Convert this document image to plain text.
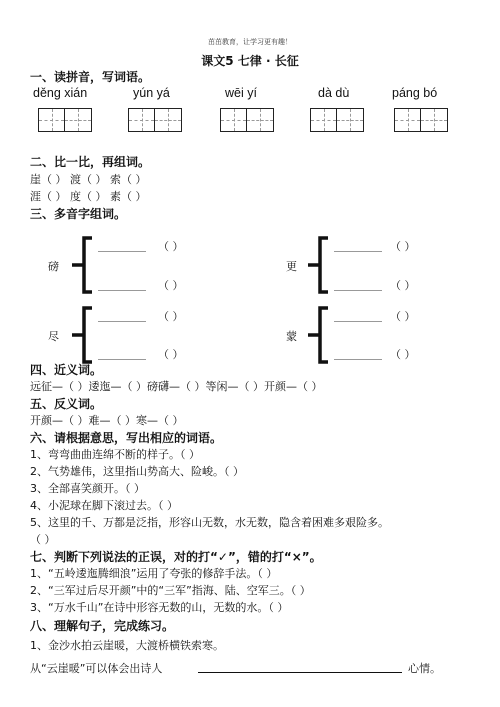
茁茁教育，让学习更有趣！
课文5 七律 · 长征
一、读拼音，写词语。
děng xián	yún yá	wēi yí	dà dù	páng bó
二、比一比，再组词。
崖（ ） 渡（ ） 索（ ）
涯（ ） 度（ ） 素（ ）
三、多音字组词。
磅
（ ）
（ ）
更
（ ）
（ ）
尽
（ ）
（ ）
蒙
（ ）
（ ）
四、近义词。
远征—（ ）逶迤—（ ）磅礴—（ ）等闲—（ ）开颜—（ ）
五、反义词。
开颜—（ ）难—（ ）寒—（ ）
六、请根据意思，写出相应的词语。
1、弯弯曲曲连绵不断的样子。（ ）
2、气势雄伟，这里指山势高大、险峻。（ ）
3、全部喜笑颜开。（ ）
4、小泥球在脚下滚过去。（ ）
5、这里的千、万都是泛指，形容山无数，水无数，隐含着困难多艰险多。
（ ）
七、判断下列说法的正误，对的打“✓”，错的打“×”。
1、“五岭逶迤腾细浪”运用了夸张的修辞手法。（ ）
2、“三军过后尽开颜”中的“三军”指海、陆、空军三。（ ）
3、“万水千山”在诗中形容无数的山，无数的水。（ ）
八、理解句子，完成练习。
1、金沙水拍云崖暖，大渡桥横铁索寒。
从“云崖暖”可以体会出诗人	心情。
